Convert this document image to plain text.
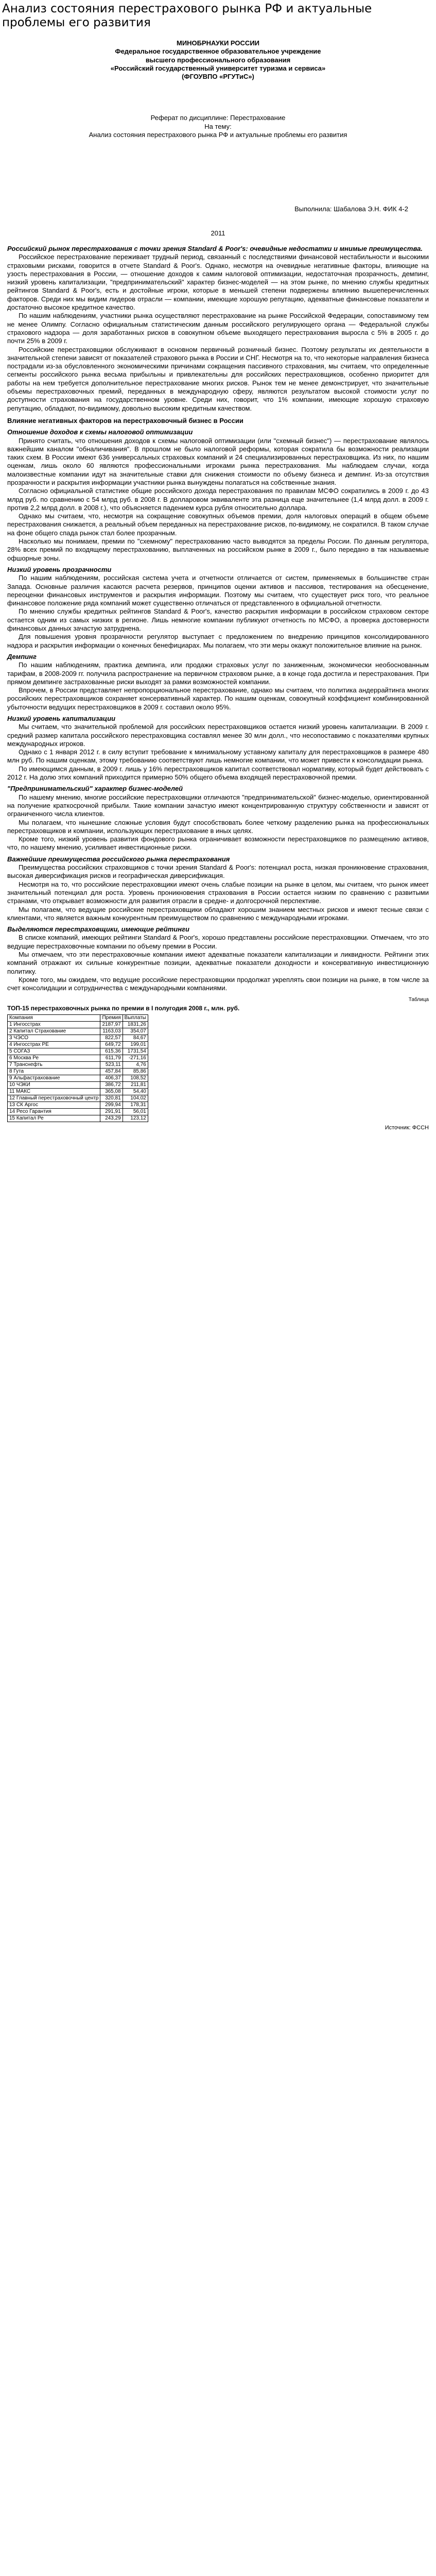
Анализ состояния перестрахового рынка РФ и актуальные проблемы его развития
МИНОБРНАУКИ РОССИИ
Федеральное государственное образовательное учреждение
высшего профессионального образования
«Российский государственный университет туризма и сервиса»
(ФГОУВПО «РГУТиС»)
Реферат по дисциплине: Перестрахование
На тему:
Анализ состояния перестрахового рынка РФ и актуальные проблемы его развития
Выполнила: Шабалова Э.Н. ФИК 4-2
2011
Российский рынок перестрахования с точки зрения Standard & Poor's: очевидные недостатки и мнимые преимущества.

Российское перестрахование переживает трудный период, связанный с последствиями финансовой нестабильности и высокими страховыми рисками, говорится в отчете Standard & Poor's. Однако, несмотря на очевидные негативные факторы, влияющие на узость перестрахования в России, — отношение доходов к самим налоговой оптимизации, недостаточная прозрачность, демпинг, низкий уровень капитализации, "предпринимательский" характер бизнес-моделей — на этом рынке, по мнению службы кредитных рейтингов Standard & Poor's, есть и достойные игроки, которые в меньшей степени подвержены влиянию вышеперечисленных факторов. Среди них мы видим лидеров отрасли — компании, имеющие хорошую репутацию, адекватные финансовые показатели и достаточно высокое кредитное качество.

По нашим наблюдениям, участники рынка осуществляют перестрахование на рынке Российской Федерации, сопоставимому тем не менее Олимпу. Согласно официальным статистическим данным российского регулирующего органа — Федеральной службы страхового надзора — доля заработанных рисков в совокупном объеме выходящего перестрахования выросла с 5% в 2005 г. до почти 25% в 2009 г.

Российские перестраховщики обслуживают в основном первичный розничный бизнес. Поэтому результаты их деятельности в значительной степени зависят от показателей страхового рынка в России и СНГ. Несмотря на то, что некоторые направления бизнеса пострадали из-за обусловленного экономическими причинами сокращения пассивного страхования, мы считаем, что определенные сегменты российского рынка весьма прибыльны и привлекательны для российских перестраховщиков, особенно приоритет для работы на нем требуется дополнительное перестрахование многих рисков. Рынок тем не менее демонстрирует, что значительные объемы перестраховочных премий, переданных в международную сферу, являются результатом высокой стоимости услуг по доступности страхования на государственном уровне. Среди них, говорит, что 1% компании, имеющие хорошую страховую репутацию, обладают, по-видимому, довольно высоким кредитным качеством.

Влияние негативных факторов на перестраховочный бизнес в России
Отношение доходов к схемы налоговой оптимизации

Принято считать, что отношения доходов к схемы налоговой оптимизации (или "схемный бизнес") — перестрахование являлось важнейшим каналом "обналичивания". В прошлом не было налоговой реформы, которая сократила бы возможности реализации таких схем. В России имеют 636 универсальных страховых компаний и 24 специализированных перестраховщика. Из них, по нашим оценкам, лишь около 60 являются профессиональными игроками рынка перестрахования. Мы наблюдаем случаи, когда малоизвестные компании идут на значительные ставки для снижения стоимости по объему бизнеса и демпинг. Из-за отсутствия прозрачности и раскрытия информации участники рынка вынуждены полагаться на собственные знания.

Согласно официальной статистике общие российского дохода перестрахования по правилам МСФО сократились в 2009 г. до 43 млрд руб. по сравнению с 54 млрд руб. в 2008 г. В долларовом эквиваленте эта разница еще значительнее (1,4 млрд долл. в 2009 г. против 2,2 млрд долл. в 2008 г.), что объясняется падением курса рубля относительно доллара.

Однако мы считаем, что, несмотря на сокращение совокупных объемов премии, доля налоговых операций в общем объеме перестрахования снижается, а реальный объем переданных на перестрахование рисков, по-видимому, не сократился. В таком случае на фоне общего спада рынок стал более прозрачным.

Насколько мы понимаем, премии по "схемному" перестрахованию часто выводятся за пределы России. По данным регулятора, 28% всех премий по входящему перестрахованию, выплаченных на российском рынке в 2009 г., было передано в так называемые офшорные зоны.

Низкий уровень прозрачности

По нашим наблюдениям, российская система учета и отчетности отличается от систем, применяемых в большинстве стран Запада. Основные различия касаются расчета резервов, принципов оценки активов и пассивов, тестирования на обесценение, переоценки финансовых инструментов и раскрытия информации. Поэтому мы считаем, что существует риск того, что реальное финансовое положение ряда компаний может существенно отличаться от представленного в официальной отчетности.

По мнению службы кредитных рейтингов Standard & Poor's, качество раскрытия информации в российском страховом секторе остается одним из самых низких в регионе. Лишь немногие компании публикуют отчетность по МСФО, а проверка достоверности финансовых данных зачастую затруднена.

Для повышения уровня прозрачности регулятор выступает с предложением по внедрению принципов консолидированного надзора и раскрытия информации о конечных бенефициарах. Мы полагаем, что эти меры окажут положительное влияние на рынок.

Демпинг

По нашим наблюдениям, практика демпинга, или продажи страховых услуг по заниженным, экономически необоснованным тарифам, в 2008-2009 гг. получила распространение на первичном страховом рынке, а в конце года достигла и перестрахования. При прямом демпинге застрахованные риски выходят за рамки возможностей компании.

Впрочем, в России представляет непропорциональное перестрахование, однако мы считаем, что политика андеррайтинга многих российских перестраховщиков сохраняет консервативный характер. По нашим оценкам, совокупный коэффициент комбинированной убыточности ведущих перестраховщиков в 2009 г. составил около 95%.

Низкий уровень капитализации

Мы считаем, что значительной проблемой для российских перестраховщиков остается низкий уровень капитализации. В 2009 г. средний размер капитала российского перестраховщика составлял менее 30 млн долл., что несопоставимо с показателями крупных международных игроков.

Однако с 1 января 2012 г. в силу вступит требование к минимальному уставному капиталу для перестраховщиков в размере 480 млн руб. По нашим оценкам, этому требованию соответствуют лишь немногие компании, что может привести к консолидации рынка.

По имеющимся данным, в 2009 г. лишь у 16% перестраховщиков капитал соответствовал нормативу, который будет действовать с 2012 г. На долю этих компаний приходится примерно 50% общего объема входящей перестраховочной премии.

"Предпринимательский" характер бизнес-моделей

По нашему мнению, многие российские перестраховщики отличаются "предпринимательской" бизнес-моделью, ориентированной на получение краткосрочной прибыли. Такие компании зачастую имеют концентрированную структуру собственности и зависят от ограниченного числа клиентов.

Мы полагаем, что нынешние сложные условия будут способствовать более четкому разделению рынка на профессиональных перестраховщиков и компании, использующих перестрахование в иных целях.

Кроме того, низкий уровень развития фондового рынка ограничивает возможности перестраховщиков по размещению активов, что, по нашему мнению, усиливает инвестиционные риски.

Важнейшие преимущества российского рынка перестрахования

Преимущества российских страховщиков с точки зрения Standard & Poor's: потенциал роста, низкая проникновение страхования, высокая диверсификация рисков и географическая диверсификация.

Несмотря на то, что российские перестраховщики имеют очень слабые позиции на рынке в целом, мы считаем, что рынок имеет значительный потенциал для роста. Уровень проникновения страхования в России остается низким по сравнению с развитыми странами, что открывает возможности для развития отрасли в средне- и долгосрочной перспективе.

Мы полагаем, что ведущие российские перестраховщики обладают хорошим знанием местных рисков и имеют тесные связи с клиентами, что является важным конкурентным преимуществом по сравнению с международными игроками.

Выделяются перестраховщики, имеющие рейтинги

В списке компаний, имеющих рейтинги Standard & Poor's, хорошо представлены российские перестраховщики. Отмечаем, что это ведущие перестраховочные компании по объему премии в России.

Мы отмечаем, что эти перестраховочные компании имеют адекватные показатели капитализации и ликвидности. Рейтинги этих компаний отражают их сильные конкурентные позиции, адекватные показатели доходности и консервативную инвестиционную политику.

Кроме того, мы ожидаем, что ведущие российские перестраховщики продолжат укреплять свои позиции на рынке, в том числе за счет консолидации и сотрудничества с международными компаниями.

Таблица
ТОП-15 перестраховочных рынка по премии в I полугодия 2008 г., млн. руб.
Компания	Премия	Выплаты
1 Ингосстрах	2187,97	1831,26
2 Капитал Страхование	1163,03	354,07
3 ЧЭСО	822,57	84,67
4 Ингосстрах РЕ	649,72	199,01
5 СОГАЗ	615,36	1731,54
6 Москва Ре	611,79	-271,16
7 Транснефть	523,11	4,76
8 Гута	457,84	85,86
9 Альфастрахование	406,37	108,52
10 ЧЭКИ	386,72	211,81
11 МАКС	365,08	54,40
12 Главный перестраховочный центр	320,81	104,02
13 СК Аргос	299,94	178,31
14 Ресо Гарантия	291,91	56,01
15 Капитал Ре	243,29	123,12
Источник: ФССН
